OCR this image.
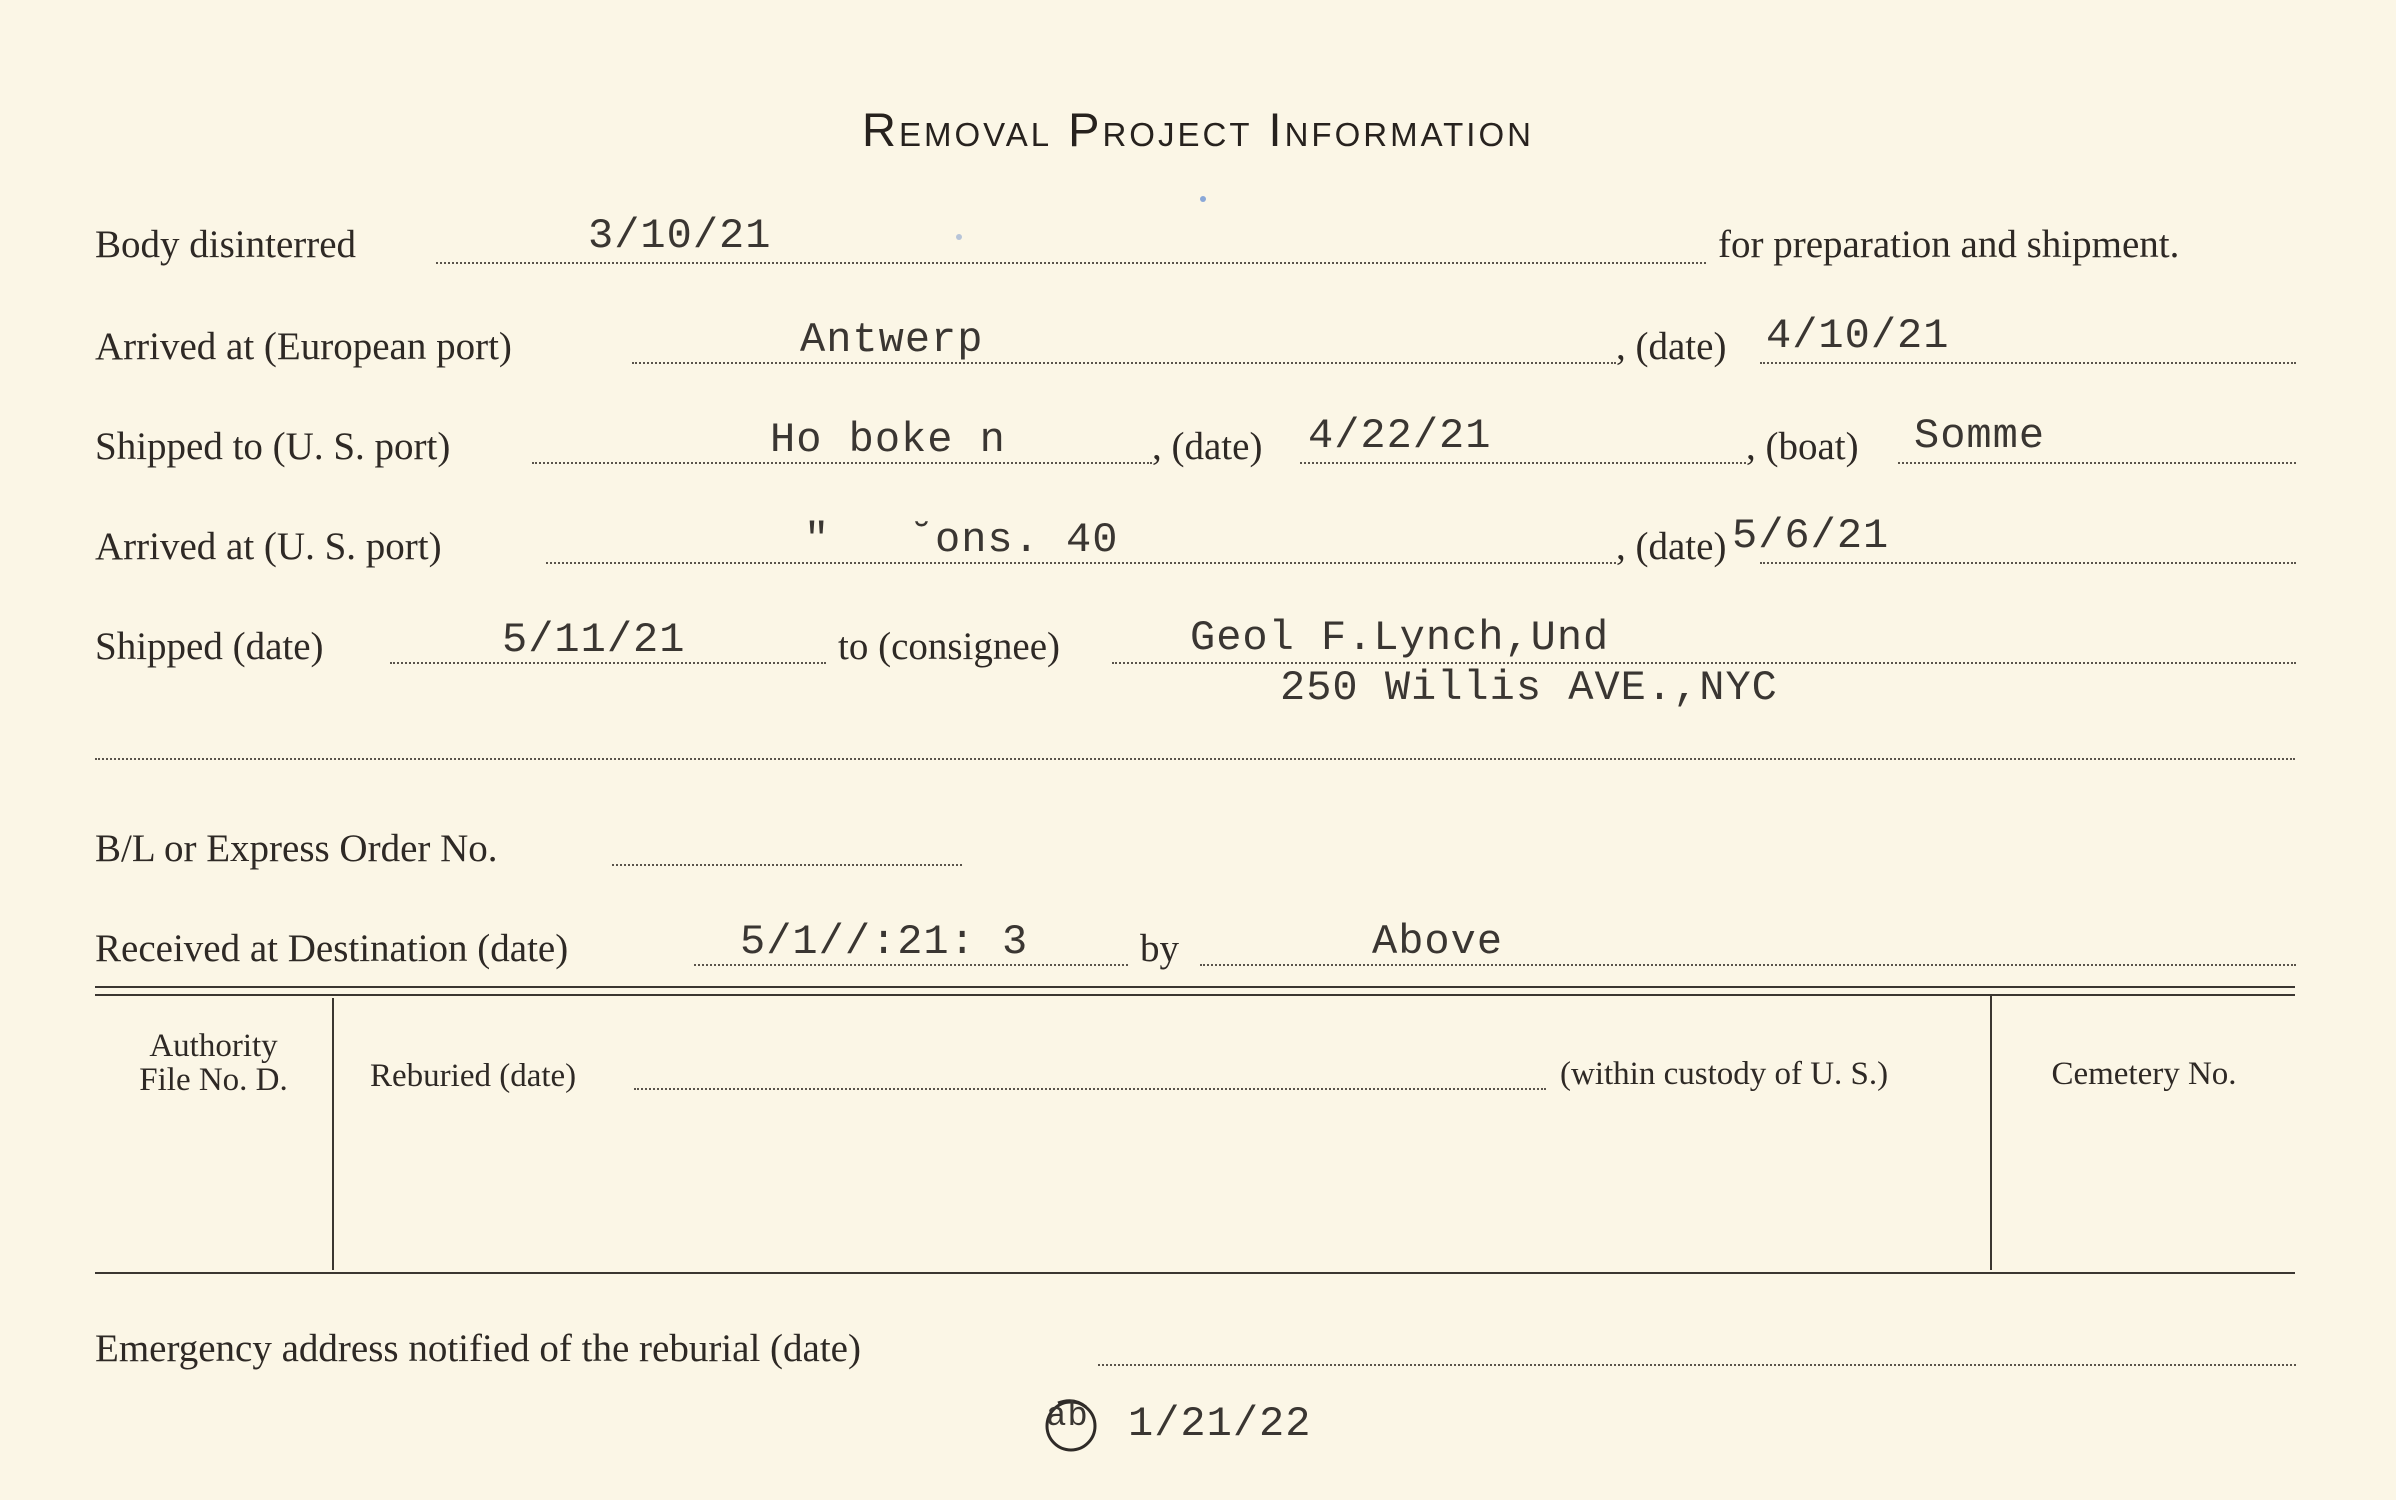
Removal Project Information
Body disinterred	3/10/21	for preparation and shipment.
Arrived at (European port)	Antwerp	, (date) 4/10/21
Shipped to (U. S. port)	Ho boke n	, (date) 4/22/21	, (boat) Somme
Arrived at (U. S. port)	"   ˘ons. 40	, (date) 5/6/21
Shipped (date)	5/11/21	to (consignee)	Geol F.Lynch,Und
250 Willis AVE.,NYC
B/L or Express Order No.
Received at Destination (date)	5/1//:21: 3	by	Above
Authority
File No. D.	Reburied (date)	(within custody of U. S.)	Cemetery No.
Emergency address notified of the reburial (date)
ab 1/21/22
